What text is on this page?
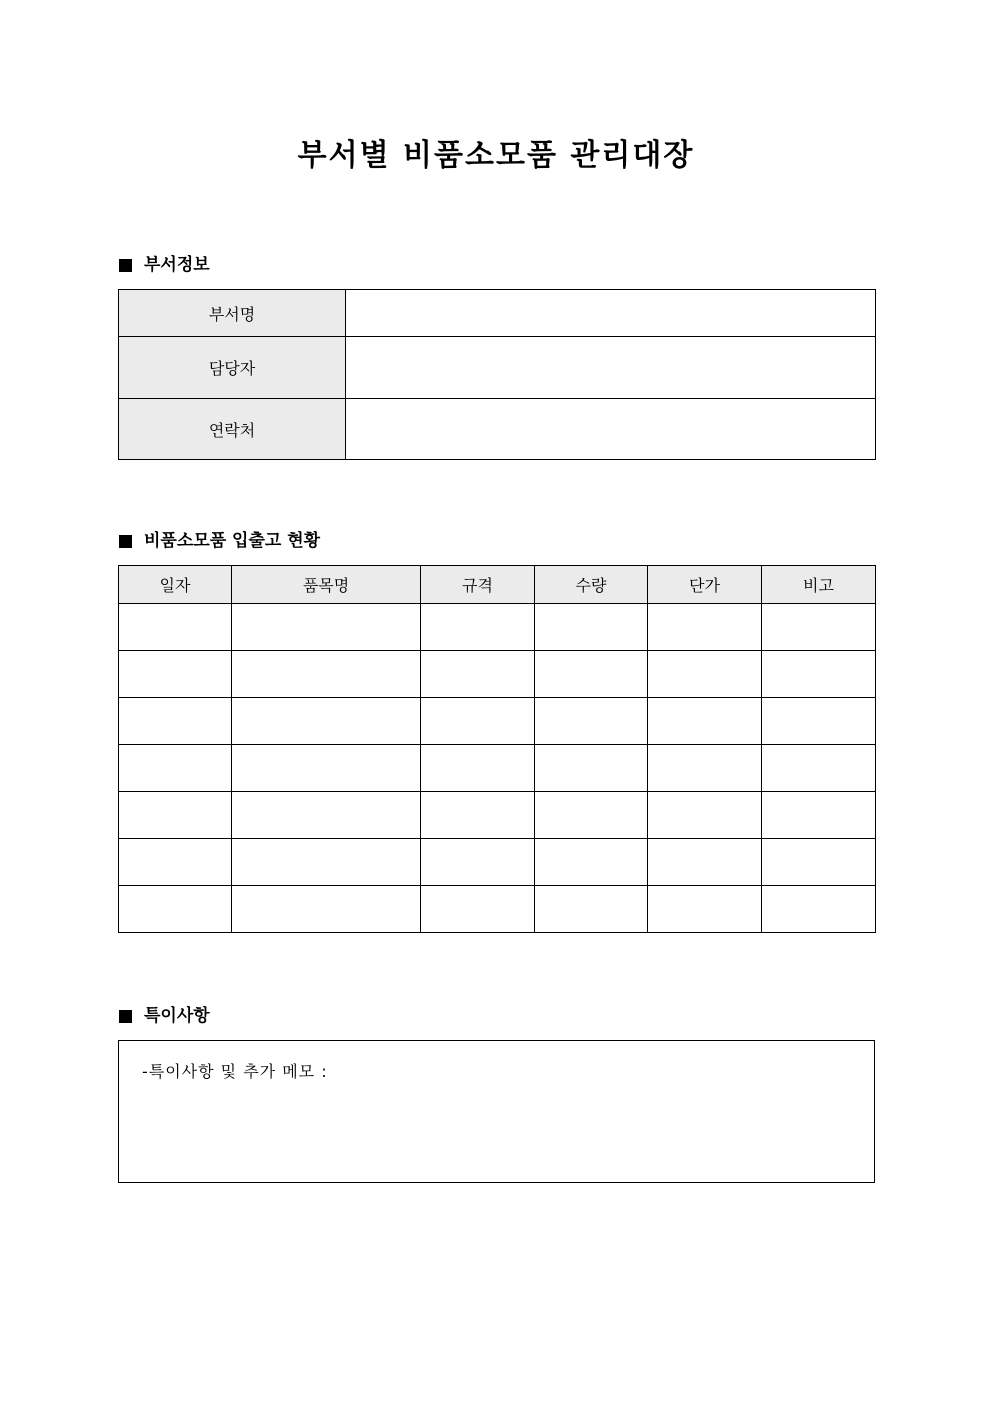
부서별 비품소모품 관리대장
부서정보
부서명	
담당자	
연락처	
비품소모품 입출고 현황
일자	품목명	규격	수량	단가	비고

특이사항
-특이사항 및 추가 메모 :
